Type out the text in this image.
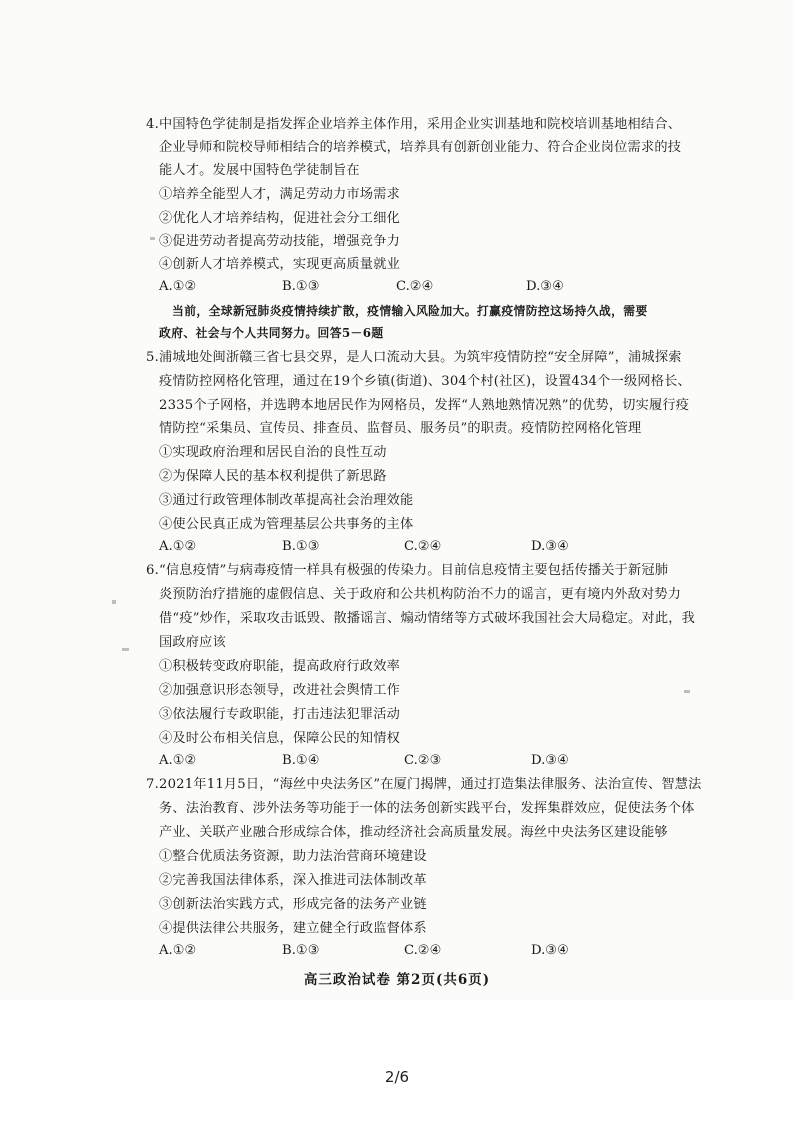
4.中国特色学徒制是指发挥企业培养主体作用，采用企业实训基地和院校培训基地相结合、
企业导师和院校导师相结合的培养模式，培养具有创新创业能力、符合企业岗位需求的技
能人才。发展中国特色学徒制旨在
①培养全能型人才，满足劳动力市场需求
②优化人才培养结构，促进社会分工细化
③促进劳动者提高劳动技能，增强竞争力
④创新人才培养模式，实现更高质量就业
A.①②	B.①③	C.②④	D.③④
当前，全球新冠肺炎疫情持续扩散，疫情输入风险加大。打赢疫情防控这场持久战，需要
政府、社会与个人共同努力。回答5－6题
5.浦城地处闽浙赣三省七县交界，是人口流动大县。为筑牢疫情防控“安全屏障”，浦城探索
疫情防控网格化管理，通过在19个乡镇(街道)、304个村(社区)，设置434个一级网格长、
2335个子网格，并选聘本地居民作为网格员，发挥“人熟地熟情况熟”的优势，切实履行疫
情防控“采集员、宣传员、排查员、监督员、服务员”的职责。疫情防控网格化管理
①实现政府治理和居民自治的良性互动
②为保障人民的基本权利提供了新思路
③通过行政管理体制改革提高社会治理效能
④使公民真正成为管理基层公共事务的主体
A.①②	B.①③	C.②④	D.③④
6.“信息疫情”与病毒疫情一样具有极强的传染力。目前信息疫情主要包括传播关于新冠肺
炎预防治疗措施的虚假信息、关于政府和公共机构防治不力的谣言，更有境内外敌对势力
借“疫”炒作，采取攻击诋毁、散播谣言、煽动情绪等方式破坏我国社会大局稳定。对此，我
国政府应该
①积极转变政府职能，提高政府行政效率
②加强意识形态领导，改进社会舆情工作
③依法履行专政职能，打击违法犯罪活动
④及时公布相关信息，保障公民的知情权
A.①②	B.①④	C.②③	D.③④
7.2021年11月5日，“海丝中央法务区”在厦门揭牌，通过打造集法律服务、法治宣传、智慧法
务、法治教育、涉外法务等功能于一体的法务创新实践平台，发挥集群效应，促使法务个体
产业、关联产业融合形成综合体，推动经济社会高质量发展。海丝中央法务区建设能够
①整合优质法务资源，助力法治营商环境建设
②完善我国法律体系，深入推进司法体制改革
③创新法治实践方式，形成完备的法务产业链
④提供法律公共服务，建立健全行政监督体系
A.①②	B.①③	C.②④	D.③④
高三政治试卷 第2页(共6页)
2/6
